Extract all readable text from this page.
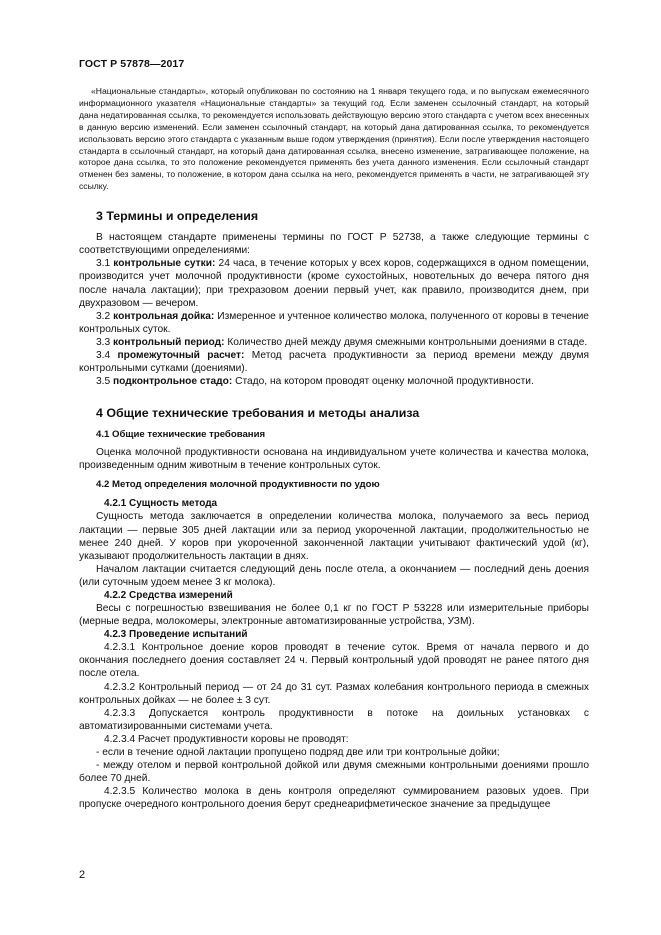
ГОСТ Р 57878—2017

«Национальные стандарты», который опубликован по состоянию на 1 января текущего года, и по выпускам ежемесячного информационного указателя «Национальные стандарты» за текущий год. Если заменен ссылочный стандарт, на который дана недатированная ссылка, то рекомендуется использовать действующую версию этого стандарта с учетом всех внесенных в данную версию изменений. Если заменен ссылочный стандарт, на который дана датированная ссылка, то рекомендуется использовать версию этого стандарта с указанным выше годом утверждения (принятия). Если после утверждения настоящего стандарта в ссылочный стандарт, на который дана датированная ссылка, внесено изменение, затрагивающее положение, на которое дана ссылка, то это положение рекомендуется применять без учета данного изменения. Если ссылочный стандарт отменен без замены, то положение, в котором дана ссылка на него, рекомендуется применять в части, не затрагивающей эту ссылку.

3 Термины и определения

В настоящем стандарте применены термины по ГОСТ Р 52738, а также следующие термины с соответствующими определениями:

3.1 контрольные сутки: 24 часа, в течение которых у всех коров, содержащихся в одном помещении, производится учет молочной продуктивности (кроме сухостойных, новотельных до вечера пятого дня после начала лактации); при трехразовом доении первый учет, как правило, производится днем, при двухразовом — вечером.

3.2 контрольная дойка: Измеренное и учтенное количество молока, полученного от коровы в течение контрольных суток.

3.3 контрольный период: Количество дней между двумя смежными контрольными доениями в стаде.

3.4 промежуточный расчет: Метод расчета продуктивности за период времени между двумя контрольными сутками (доениями).

3.5 подконтрольное стадо: Стадо, на котором проводят оценку молочной продуктивности.

4 Общие технические требования и методы анализа
4.1 Общие технические требования

Оценка молочной продуктивности основана на индивидуальном учете количества и качества молока, произведенным одним животным в течение контрольных суток.

4.2 Метод определения молочной продуктивности по удою
4.2.1 Сущность метода

Сущность метода заключается в определении количества молока, получаемого за весь период лактации — первые 305 дней лактации или за период укороченной лактации, продолжительностью не менее 240 дней. У коров при укороченной законченной лактации учитывают фактический удой (кг), указывают продолжительность лактации в днях.

Началом лактации считается следующий день после отела, а окончанием — последний день доения (или суточным удоем менее 3 кг молока).

4.2.2 Средства измерений

Весы с погрешностью взвешивания не более 0,1 кг по ГОСТ Р 53228 или измерительные приборы (мерные ведра, молокомеры, электронные автоматизированные устройства, УЗМ).

4.2.3 Проведение испытаний

4.2.3.1 Контрольное доение коров проводят в течение суток. Время от начала первого и до окончания последнего доения составляет 24 ч. Первый контрольный удой проводят не ранее пятого дня после отела.

4.2.3.2 Контрольный период — от 24 до 31 сут. Размах колебания контрольного периода в смежных контрольных дойках — не более ± 3 сут.

4.2.3.3 Допускается контроль продуктивности в потоке на доильных установках с автоматизированными системами учета.

4.2.3.4 Расчет продуктивности коровы не проводят:

- если в течение одной лактации пропущено подряд две или три контрольные дойки;

- между отелом и первой контрольной дойкой или двумя смежными контрольными доениями прошло более 70 дней.

4.2.3.5 Количество молока в день контроля определяют суммированием разовых удоев. При пропуске очередного контрольного доения берут среднеарифметическое значение за предыдущее

2
